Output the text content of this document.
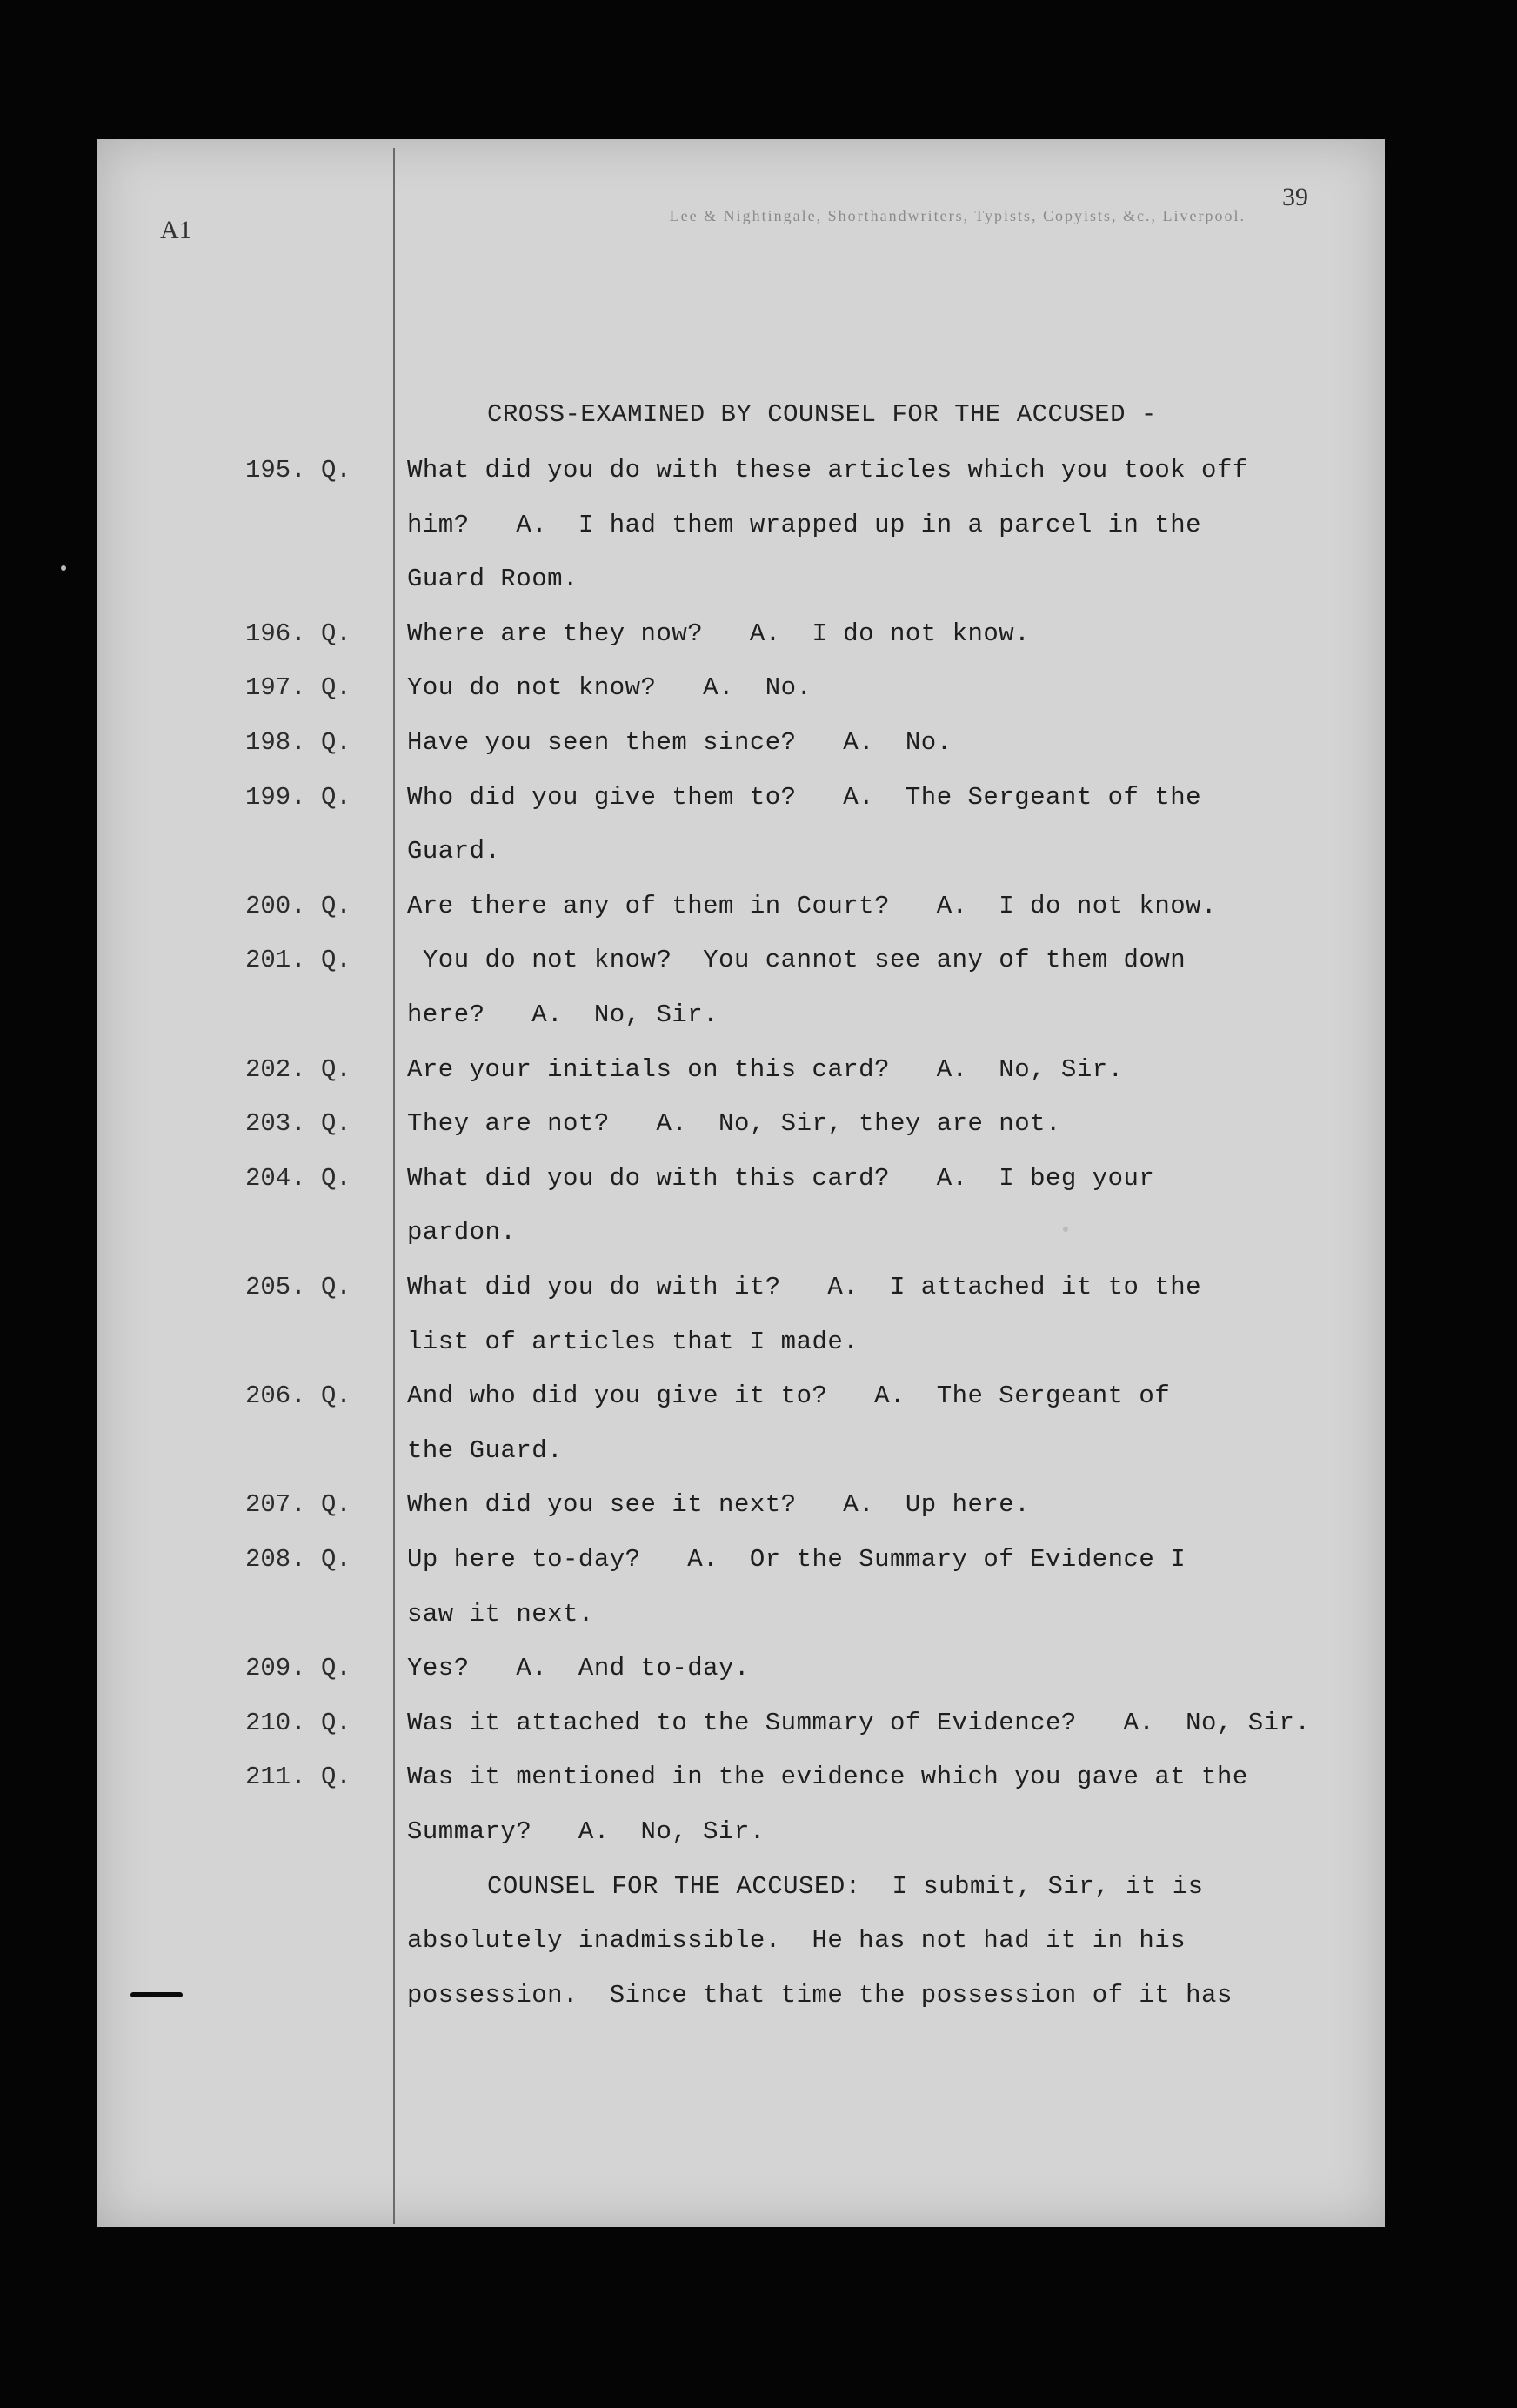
A1	Lee & Nightingale, Shorthandwriters, Typists, Copyists, &c., Liverpool.
39
CROSS-EXAMINED BY COUNSEL FOR THE ACCUSED -
195. Q.	What did you do with these articles which you took off
him?   A.  I had them wrapped up in a parcel in the
Guard Room.
196. Q.	Where are they now?   A.  I do not know.
197. Q.	You do not know?   A.  No.
198. Q.	Have you seen them since?   A.  No.
199. Q.	Who did you give them to?   A.  The Sergeant of the
Guard.
200. Q.	Are there any of them in Court?   A.  I do not know.
201. Q.	You do not know?  You cannot see any of them down
here?   A.  No, Sir.
202. Q.	Are your initials on this card?   A.  No, Sir.
203. Q.	They are not?   A.  No, Sir, they are not.
204. Q.	What did you do with this card?   A.  I beg your
pardon.
205. Q.	What did you do with it?   A.  I attached it to the
list of articles that I made.
206. Q.	And who did you give it to?   A.  The Sergeant of
the Guard.
207. Q.	When did you see it next?   A.  Up here.
208. Q.	Up here to-day?   A.  Or the Summary of Evidence I
saw it next.
209. Q.	Yes?   A.  And to-day.
210. Q.	Was it attached to the Summary of Evidence?   A.  No, Sir.
211. Q.	Was it mentioned in the evidence which you gave at the
Summary?   A.  No, Sir.
COUNSEL FOR THE ACCUSED:  I submit, Sir, it is
absolutely inadmissible.  He has not had it in his
possession.  Since that time the possession of it has
